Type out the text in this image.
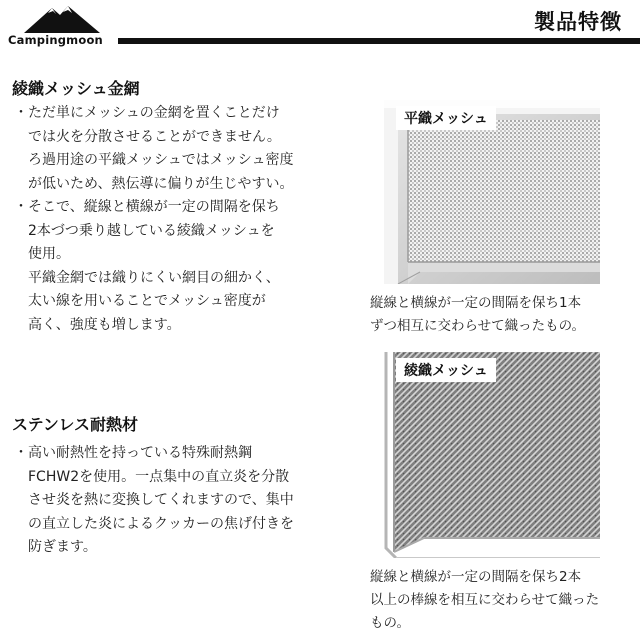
Campingmoon
製品特徴
綾織メッシュ金網
・ただ単にメッシュの金網を置くことだけ
　では火を分散させることができません。
　ろ過用途の平織メッシュではメッシュ密度
　が低いため、熱伝導に偏りが生じやすい。
・そこで、縦線と横線が一定の間隔を保ち
　2本づつ乗り越している綾織メッシュを
　使用。
　平織金網では織りにくい網目の細かく、
　太い線を用いることでメッシュ密度が
　高く、強度も増します。
ステンレス耐熱材
・高い耐熱性を持っている特殊耐熱鋼
　FCHW2を使用。一点集中の直立炎を分散
　させ炎を熱に変換してくれますので、集中
　の直立した炎によるクッカーの焦げ付きを
　防ぎます。
平織メッシュ

縦線と横線が一定の間隔を保ち1本
ずつ相互に交わらせて織ったもの。

綾織メッシュ

縦線と横線が一定の間隔を保ち2本
以上の棒線を相互に交わらせて織った
もの。
